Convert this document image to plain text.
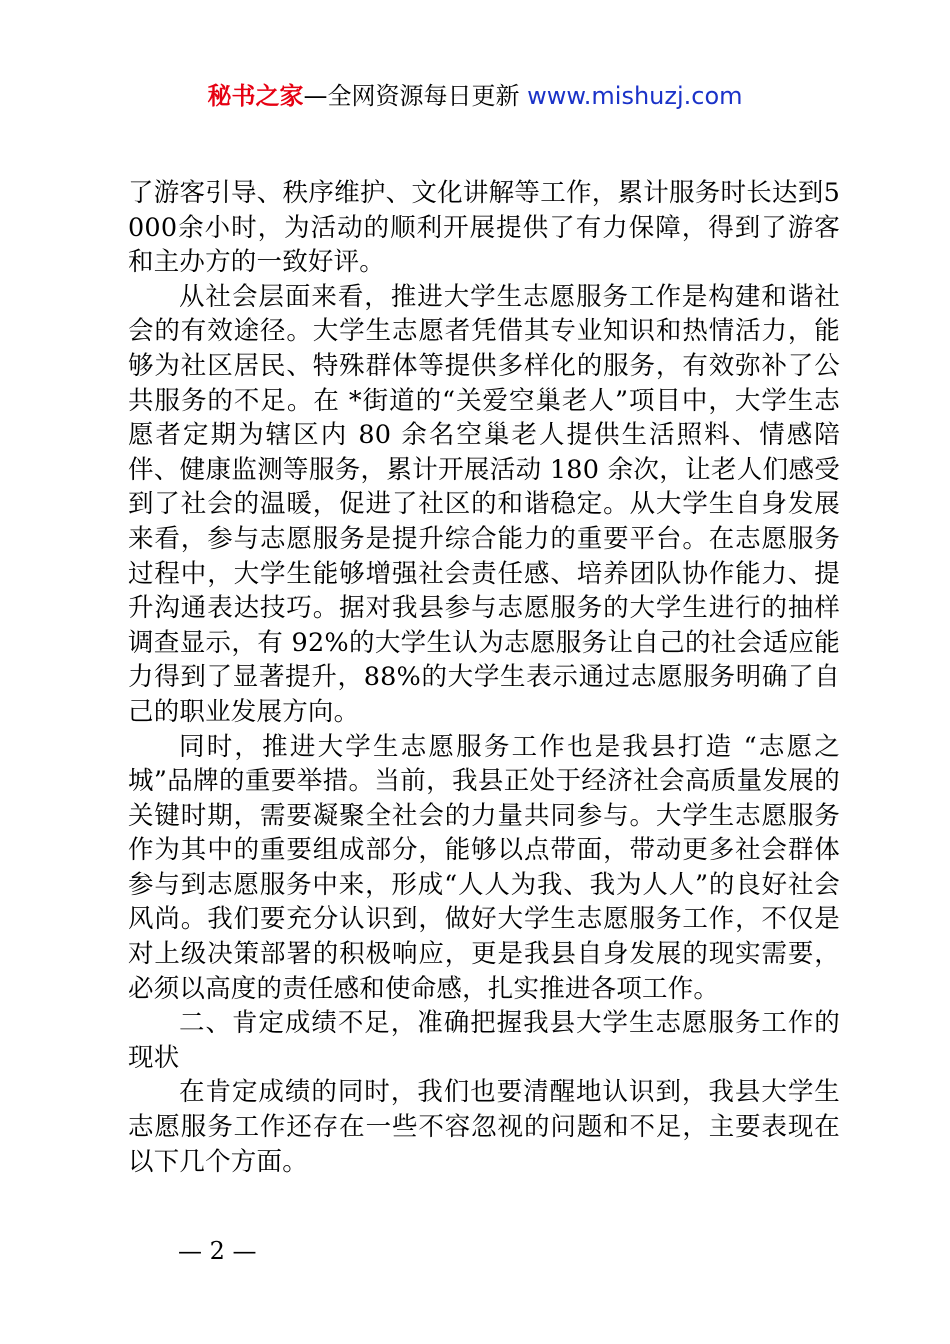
秘书之家—全网资源每日更新 www.mishuzj.com

了游客引导、秩序维护、文化讲解等工作，累计服务时长达到5000余小时，为活动的顺利开展提供了有力保障，得到了游客和主办方的一致好评。

从社会层面来看，推进大学生志愿服务工作是构建和谐社会的有效途径。大学生志愿者凭借其专业知识和热情活力，能够为社区居民、特殊群体等提供多样化的服务，有效弥补了公共服务的不足。在 *街道的“关爱空巢老人”项目中，大学生志愿者定期为辖区内 80 余名空巢老人提供生活照料、情感陪伴、健康监测等服务，累计开展活动 180 余次，让老人们感受到了社会的温暖，促进了社区的和谐稳定。从大学生自身发展来看，参与志愿服务是提升综合能力的重要平台。在志愿服务过程中，大学生能够增强社会责任感、培养团队协作能力、提升沟通表达技巧。据对我县参与志愿服务的大学生进行的抽样调查显示，有 92%的大学生认为志愿服务让自己的社会适应能力得到了显著提升，88%的大学生表示通过志愿服务明确了自己的职业发展方向。

同时，推进大学生志愿服务工作也是我县打造 “志愿之城”品牌的重要举措。当前，我县正处于经济社会高质量发展的关键时期，需要凝聚全社会的力量共同参与。大学生志愿服务作为其中的重要组成部分，能够以点带面，带动更多社会群体参与到志愿服务中来，形成“人人为我、我为人人”的良好社会风尚。我们要充分认识到，做好大学生志愿服务工作，不仅是对上级决策部署的积极响应，更是我县自身发展的现实需要，必须以高度的责任感和使命感，扎实推进各项工作。

二、肯定成绩不足，准确把握我县大学生志愿服务工作的现状

在肯定成绩的同时，我们也要清醒地认识到，我县大学生志愿服务工作还存在一些不容忽视的问题和不足，主要表现在以下几个方面。

— 2 —
